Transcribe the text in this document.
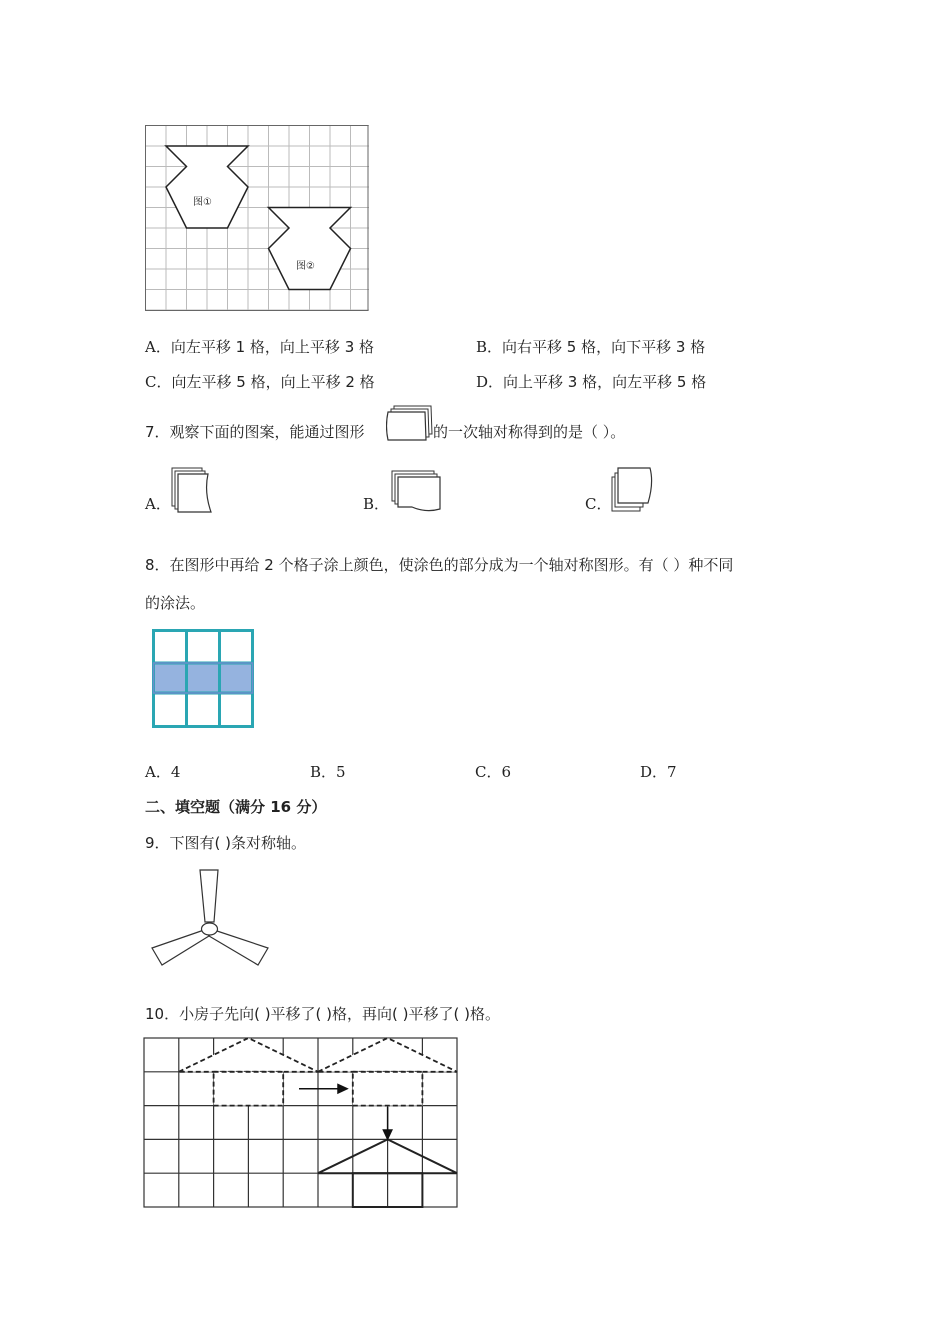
图①
图②
A．向左平移 1 格，向上平移 3 格	B．向右平移 5 格，向下平移 3 格
C．向左平移 5 格，向上平移 2 格	D．向上平移 3 格，向左平移 5 格
7．观察下面的图案，能通过图形	的一次轴对称得到的是（ ）。
A．	B．	C．
8．在图形中再给 2 个格子涂上颜色，使涂色的部分成为一个轴对称图形。有（ ）种不同
的涂法。
A．4	B．5	C．6	D．7
二、填空题（满分 16 分）
9．下图有( )条对称轴。
10．小房子先向( )平移了( )格，再向( )平移了( )格。
